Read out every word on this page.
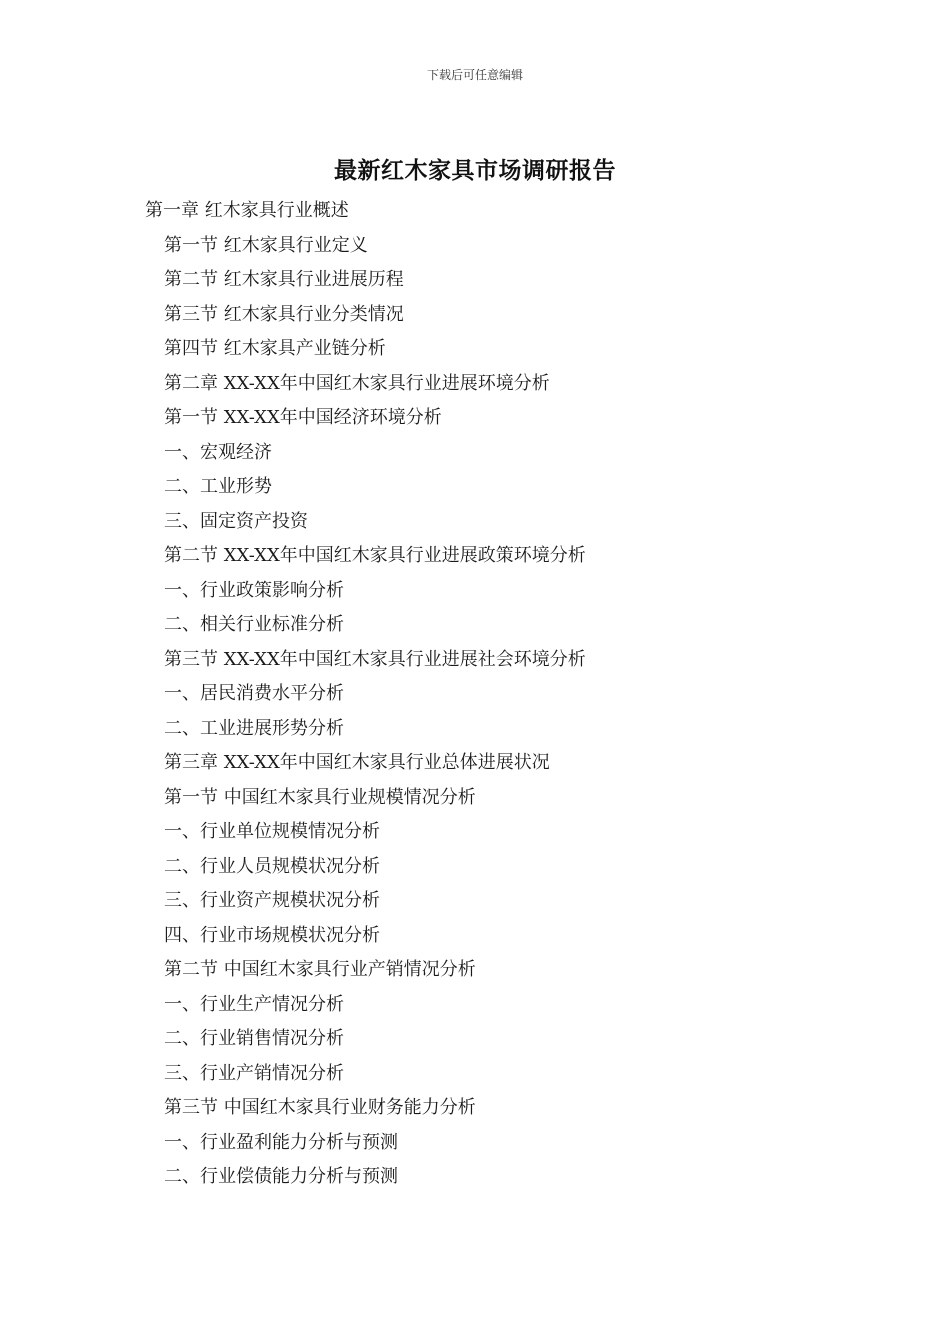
下载后可任意编辑
最新红木家具市场调研报告
第一章 红木家具行业概述
第一节 红木家具行业定义
第二节 红木家具行业进展历程
第三节 红木家具行业分类情况
第四节 红木家具产业链分析
第二章 XX-XX年中国红木家具行业进展环境分析
第一节 XX-XX年中国经济环境分析
一、宏观经济
二、工业形势
三、固定资产投资
第二节 XX-XX年中国红木家具行业进展政策环境分析
一、行业政策影响分析
二、相关行业标准分析
第三节 XX-XX年中国红木家具行业进展社会环境分析
一、居民消费水平分析
二、工业进展形势分析
第三章 XX-XX年中国红木家具行业总体进展状况
第一节 中国红木家具行业规模情况分析
一、行业单位规模情况分析
二、行业人员规模状况分析
三、行业资产规模状况分析
四、行业市场规模状况分析
第二节 中国红木家具行业产销情况分析
一、行业生产情况分析
二、行业销售情况分析
三、行业产销情况分析
第三节 中国红木家具行业财务能力分析
一、行业盈利能力分析与预测
二、行业偿债能力分析与预测
